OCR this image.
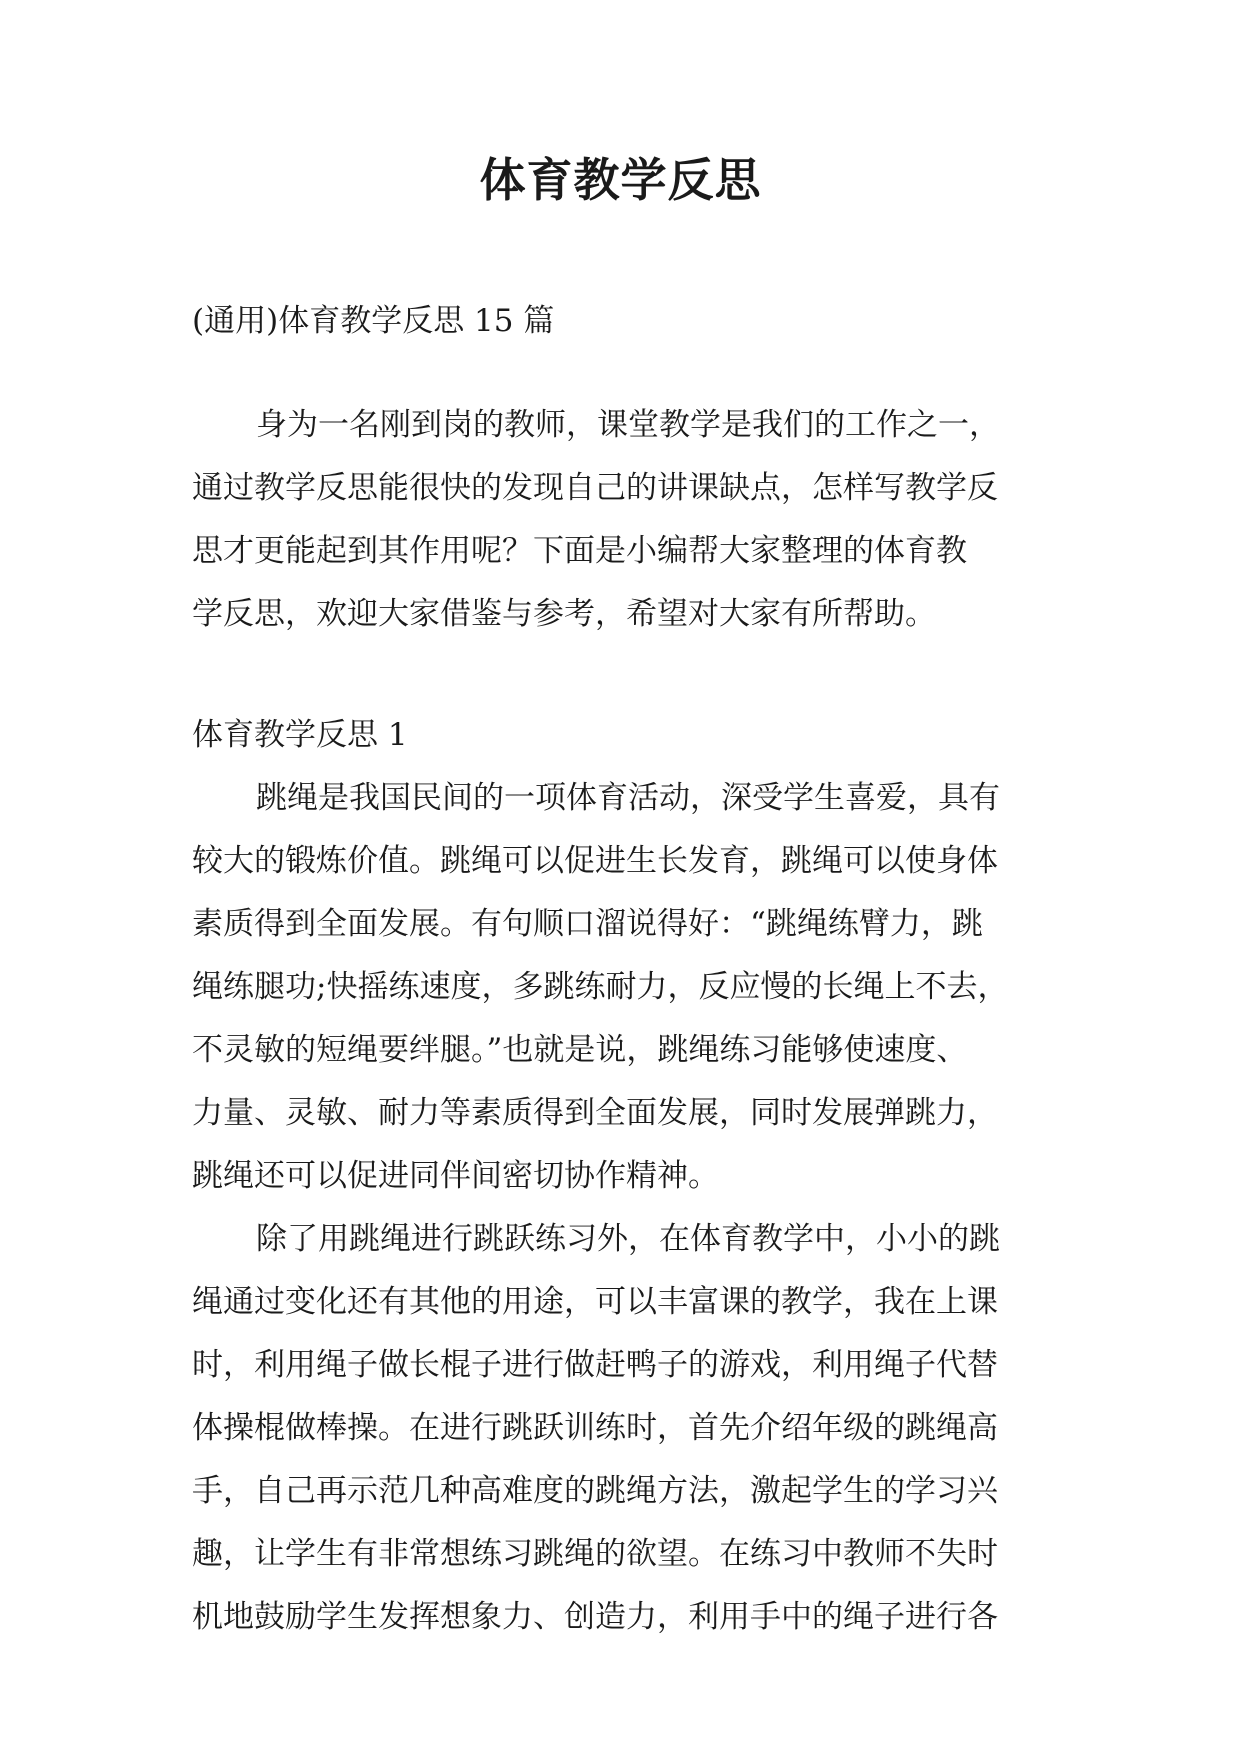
体育教学反思
(通用)体育教学反思 15 篇
身为一名刚到岗的教师，课堂教学是我们的工作之一，
通过教学反思能很快的发现自己的讲课缺点，怎样写教学反
思才更能起到其作用呢？下面是小编帮大家整理的体育教
学反思，欢迎大家借鉴与参考，希望对大家有所帮助。
体育教学反思 1
跳绳是我国民间的一项体育活动，深受学生喜爱，具有
较大的锻炼价值。跳绳可以促进生长发育，跳绳可以使身体
素质得到全面发展。有句顺口溜说得好：“跳绳练臂力，跳
绳练腿功;快摇练速度，多跳练耐力，反应慢的长绳上不去，
不灵敏的短绳要绊腿。”也就是说，跳绳练习能够使速度、
力量、灵敏、耐力等素质得到全面发展，同时发展弹跳力，
跳绳还可以促进同伴间密切协作精神。
除了用跳绳进行跳跃练习外，在体育教学中，小小的跳
绳通过变化还有其他的用途，可以丰富课的教学，我在上课
时，利用绳子做长棍子进行做赶鸭子的游戏，利用绳子代替
体操棍做棒操。在进行跳跃训练时，首先介绍年级的跳绳高
手，自己再示范几种高难度的跳绳方法，激起学生的学习兴
趣，让学生有非常想练习跳绳的欲望。在练习中教师不失时
机地鼓励学生发挥想象力、创造力，利用手中的绳子进行各
